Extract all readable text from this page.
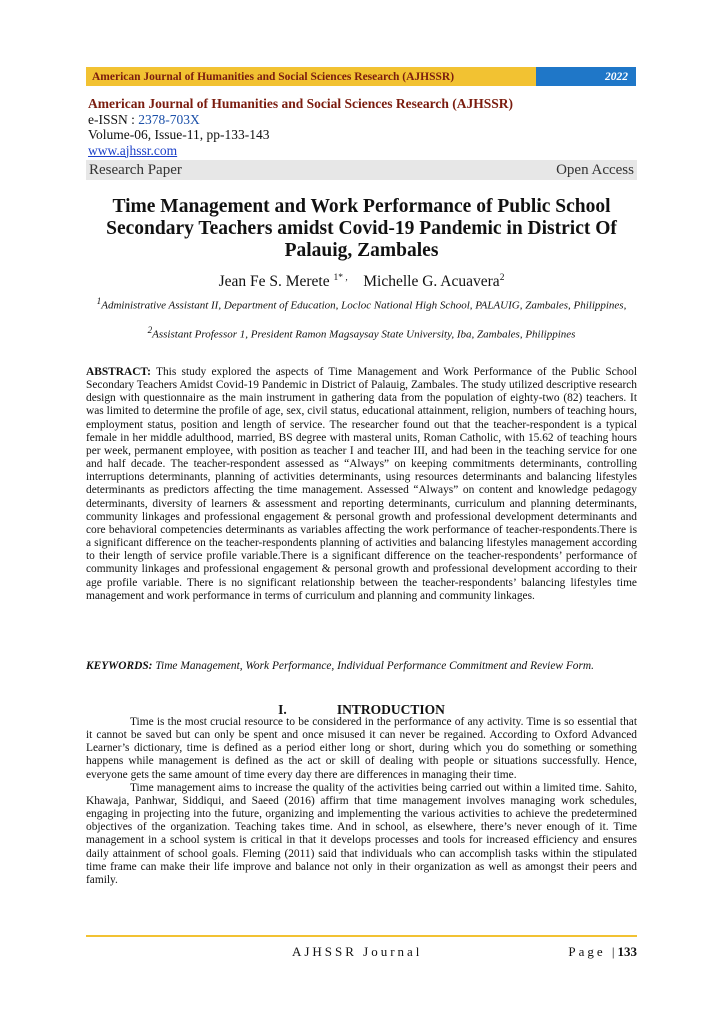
American Journal of Humanities and Social Sciences Research (AJHSSR)	2022
American Journal of Humanities and Social Sciences Research (AJHSSR)
e-ISSN : 2378-703X
Volume-06, Issue-11, pp-133-143
www.ajhssr.com
Research Paper	Open Access
Time Management and Work Performance of Public School Secondary Teachers amidst Covid-19 Pandemic in District Of Palauig, Zambales
Jean Fe S. Merete $^{1* ,}$ Michelle G. Acuavera$^2$
$^1$Administrative Assistant II, Department of Education, Locloc National High School, PALAUIG, Zambales, Philippines,
$^2$Assistant Professor 1, President Ramon Magsaysay State University, Iba, Zambales, Philippines
ABSTRACT: This study explored the aspects of Time Management and Work Performance of the Public School Secondary Teachers Amidst Covid-19 Pandemic in District of Palauig, Zambales. The study utilized descriptive research design with questionnaire as the main instrument in gathering data from the population of eighty-two (82) teachers. It was limited to determine the profile of age, sex, civil status, educational attainment, religion, numbers of teaching hours, employment status, position and length of service. The researcher found out that the teacher-respondent is a typical female in her middle adulthood, married, BS degree with masteral units, Roman Catholic, with 15.62 of teaching hours per week, permanent employee, with position as teacher I and teacher III, and had been in the teaching service for one and half decade. The teacher-respondent assessed as “Always” on keeping commitments determinants, controlling interruptions determinants, planning of activities determinants, using resources determinants and balancing lifestyles determinants as predictors affecting the time management. Assessed “Always” on content and knowledge pedagogy determinants, diversity of learners & assessment and reporting determinants, curriculum and planning determinants, community linkages and professional engagement & personal growth and professional development determinants and core behavioral competencies determinants as variables affecting the work performance of teacher-respondents.There is a significant difference on the teacher-respondents planning of activities and balancing lifestyles management according to their length of service profile variable.There is a significant difference on the teacher-respondents’ performance of community linkages and professional engagement & personal growth and professional development according to their age profile variable. There is no significant relationship between the teacher-respondents’ balancing lifestyles time management and work performance in terms of curriculum and planning and community linkages.
KEYWORDS: Time Management, Work Performance, Individual Performance Commitment and Review Form.
I.	INTRODUCTION

Time is the most crucial resource to be considered in the performance of any activity. Time is so essential that it cannot be saved but can only be spent and once misused it can never be regained. According to Oxford Advanced Learner’s dictionary, time is defined as a period either long or short, during which you do something or something happens while management is defined as the act or skill of dealing with people or situations successfully. Hence, everyone gets the same amount of time every day there are differences in managing their time.

Time management aims to increase the quality of the activities being carried out within a limited time. Sahito, Khawaja, Panhwar, Siddiqui, and Saeed (2016) affirm that time management involves managing work schedules, engaging in projecting into the future, organizing and implementing the various activities to achieve the predetermined objectives of the organization. Teaching takes time. And in school, as elsewhere, there’s never enough of it. Time management in a school system is critical in that it develops processes and tools for increased efficiency and ensures daily attainment of school goals. Fleming (2011) said that individuals who can accomplish tasks within the stipulated time frame can make their life improve and balance not only in their organization as well as amongst their peers and family.

AJHSSR Journal	Page |133
